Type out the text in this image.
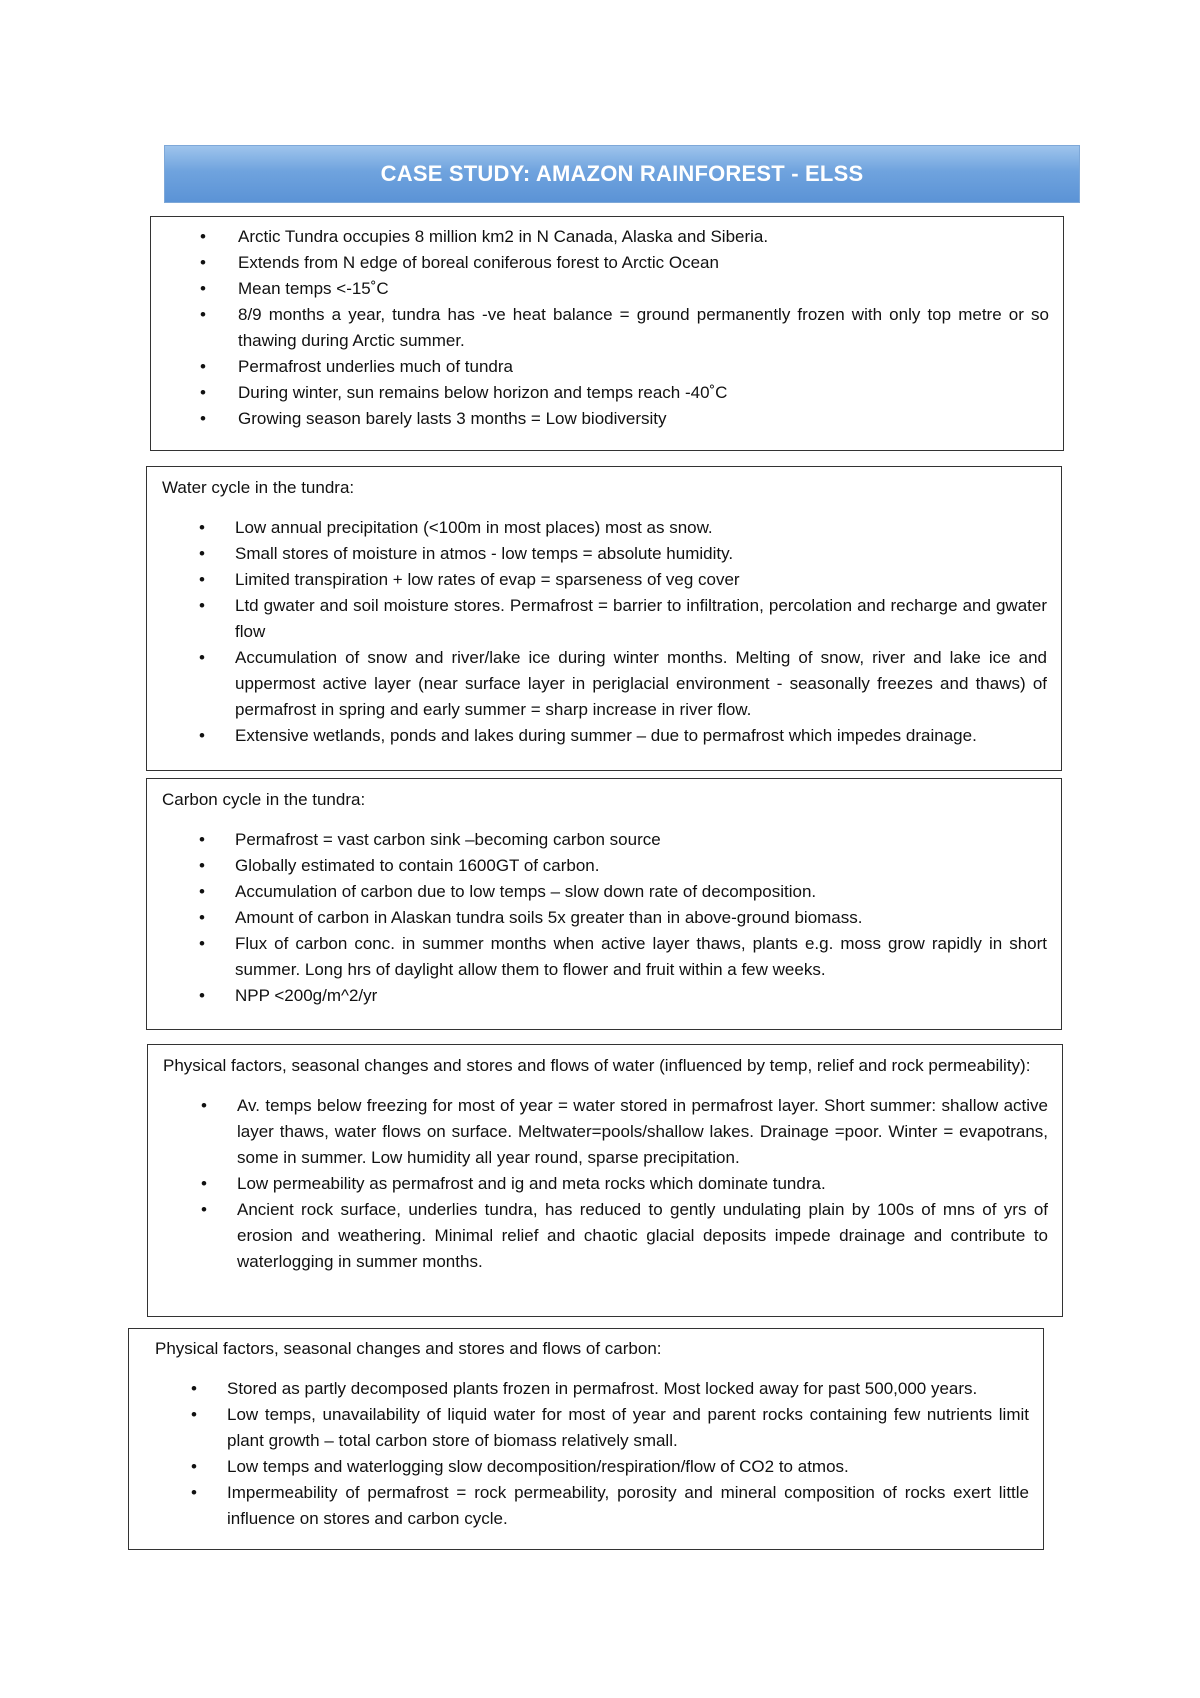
CASE STUDY: AMAZON RAINFOREST - ELSS
• Arctic Tundra occupies 8 million km2 in N Canada, Alaska and Siberia.
• Extends from N edge of boreal coniferous forest to Arctic Ocean
• Mean temps <-15˚C
• 8/9 months a year, tundra has -ve heat balance = ground permanently frozen with only top metre or so thawing during Arctic summer.
• Permafrost underlies much of tundra
• During winter, sun remains below horizon and temps reach -40˚C
• Growing season barely lasts 3 months = Low biodiversity

Water cycle in the tundra:

• Low annual precipitation (<100m in most places) most as snow.
• Small stores of moisture in atmos - low temps = absolute humidity.
• Limited transpiration + low rates of evap = sparseness of veg cover
• Ltd gwater and soil moisture stores. Permafrost = barrier to infiltration, percolation and recharge and gwater flow
• Accumulation of snow and river/lake ice during winter months. Melting of snow, river and lake ice and uppermost active layer (near surface layer in periglacial environment - seasonally freezes and thaws) of permafrost in spring and early summer = sharp increase in river flow.
• Extensive wetlands, ponds and lakes during summer – due to permafrost which impedes drainage.

Carbon cycle in the tundra:

• Permafrost = vast carbon sink –becoming carbon source
• Globally estimated to contain 1600GT of carbon.
• Accumulation of carbon due to low temps – slow down rate of decomposition.
• Amount of carbon in Alaskan tundra soils 5x greater than in above-ground biomass.
• Flux of carbon conc. in summer months when active layer thaws, plants e.g. moss grow rapidly in short summer. Long hrs of daylight allow them to flower and fruit within a few weeks.
• NPP <200g/m^2/yr

Physical factors, seasonal changes and stores and flows of water (influenced by temp, relief and rock permeability):

• Av. temps below freezing for most of year = water stored in permafrost layer. Short summer: shallow active layer thaws, water flows on surface. Meltwater=pools/shallow lakes. Drainage =poor. Winter = evapotrans, some in summer. Low humidity all year round, sparse precipitation.
• Low permeability as permafrost and ig and meta rocks which dominate tundra.
• Ancient rock surface, underlies tundra, has reduced to gently undulating plain by 100s of mns of yrs of erosion and weathering. Minimal relief and chaotic glacial deposits impede drainage and contribute to waterlogging in summer months.

Physical factors, seasonal changes and stores and flows of carbon:

• Stored as partly decomposed plants frozen in permafrost. Most locked away for past 500,000 years.
• Low temps, unavailability of liquid water for most of year and parent rocks containing few nutrients limit plant growth – total carbon store of biomass relatively small.
• Low temps and waterlogging slow decomposition/respiration/flow of CO2 to atmos.
• Impermeability of permafrost = rock permeability, porosity and mineral composition of rocks exert little influence on stores and carbon cycle.
